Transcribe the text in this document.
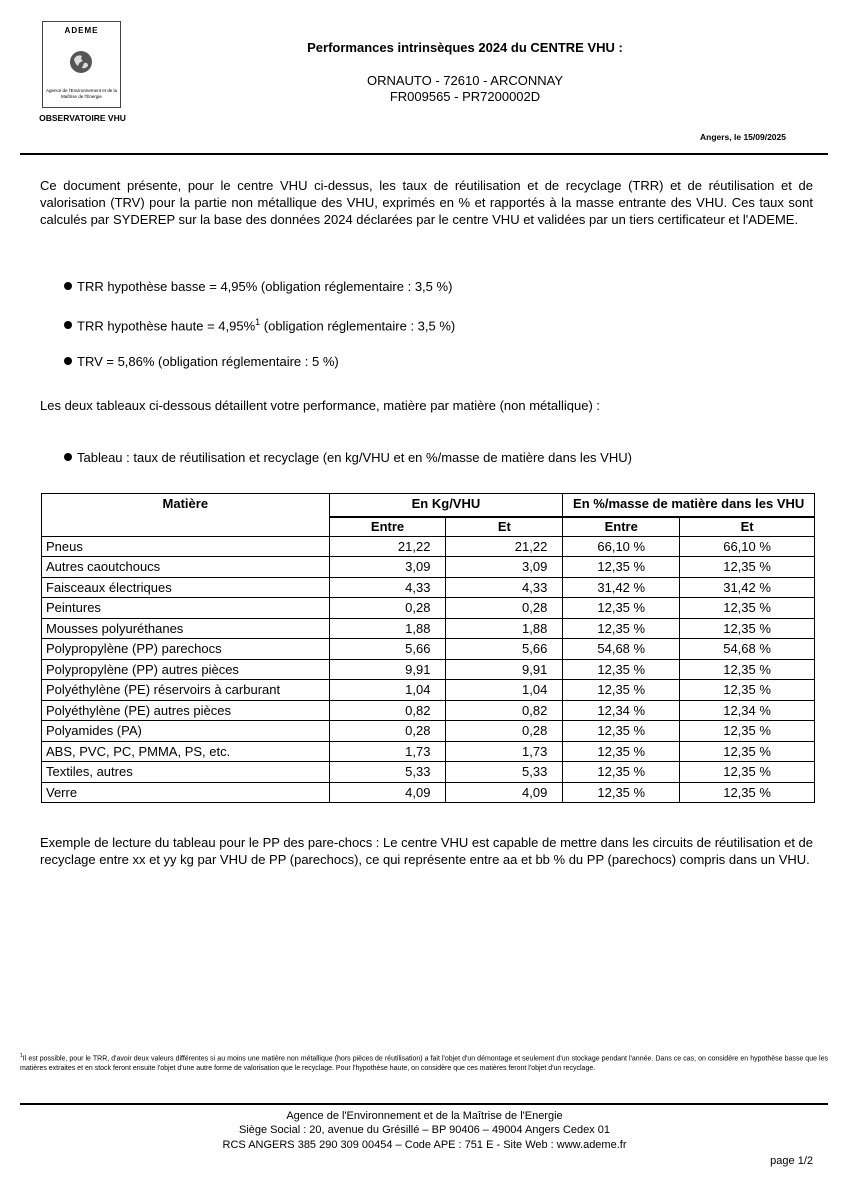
ADEME
Agence de l'Environnement et de la Maîtrise de l'Énergie
OBSERVATOIRE VHU
Performances intrinsèques 2024 du CENTRE VHU :
ORNAUTO - 72610 - ARCONNAY
FR009565 - PR7200002D
Angers, le 15/09/2025
Ce document présente, pour le centre VHU ci-dessus, les taux de réutilisation et de recyclage (TRR) et de réutilisation et de valorisation (TRV) pour la partie non métallique des VHU, exprimés en % et rapportés à la masse entrante des VHU. Ces taux sont calculés par SYDEREP sur la base des données 2024 déclarées par le centre VHU et validées par un tiers certificateur et l'ADEME.
TRR hypothèse basse = 4,95% (obligation réglementaire : 3,5 %)
TRR hypothèse haute = 4,95%$^1$ (obligation réglementaire : 3,5 %)
TRV = 5,86% (obligation réglementaire : 5 %)
Les deux tableaux ci-dessous détaillent votre performance, matière par matière (non métallique) :
Tableau : taux de réutilisation et recyclage (en kg/VHU et en %/masse de matière dans les VHU)
Matière	En Kg/VHU		En %/masse de matière dans les VHU	
	Entre	Et	Entre	Et
Pneus	21,22	21,22	66,10 %	66,10 %
Autres caoutchoucs	3,09	3,09	12,35 %	12,35 %
Faisceaux électriques	4,33	4,33	31,42 %	31,42 %
Peintures	0,28	0,28	12,35 %	12,35 %
Mousses polyuréthanes	1,88	1,88	12,35 %	12,35 %
Polypropylène (PP) parechocs	5,66	5,66	54,68 %	54,68 %
Polypropylène (PP) autres pièces	9,91	9,91	12,35 %	12,35 %
Polyéthylène (PE) réservoirs à carburant	1,04	1,04	12,35 %	12,35 %
Polyéthylène (PE) autres pièces	0,82	0,82	12,34 %	12,34 %
Polyamides (PA)	0,28	0,28	12,35 %	12,35 %
ABS, PVC, PC, PMMA, PS, etc.	1,73	1,73	12,35 %	12,35 %
Textiles, autres	5,33	5,33	12,35 %	12,35 %
Verre	4,09	4,09	12,35 %	12,35 %
Exemple de lecture du tableau pour le PP des pare-chocs : Le centre VHU est capable de mettre dans les circuits de réutilisation et de recyclage entre xx et yy kg par VHU de PP (parechocs), ce qui représente entre aa et bb % du PP (parechocs) compris dans un VHU.
$^1$Il est possible, pour le TRR, d'avoir deux valeurs différentes si au moins une matière non métallique (hors pièces de réutilisation) a fait l'objet d'un démontage et seulement d'un stockage pendant l'année. Dans ce cas, on considère en hypothèse basse que les matières extraites et en stock feront ensuite l'objet d'une autre forme de valorisation que le recyclage. Pour l'hypothèse haute, on considère que ces matières feront l'objet d'un recyclage.
Agence de l'Environnement et de la Maîtrise de l'Energie
Siège Social : 20, avenue du Grésillé – BP 90406 – 49004 Angers Cedex 01
RCS ANGERS 385 290 309 00454 – Code APE : 751 E - Site Web : www.ademe.fr
page 1/2
